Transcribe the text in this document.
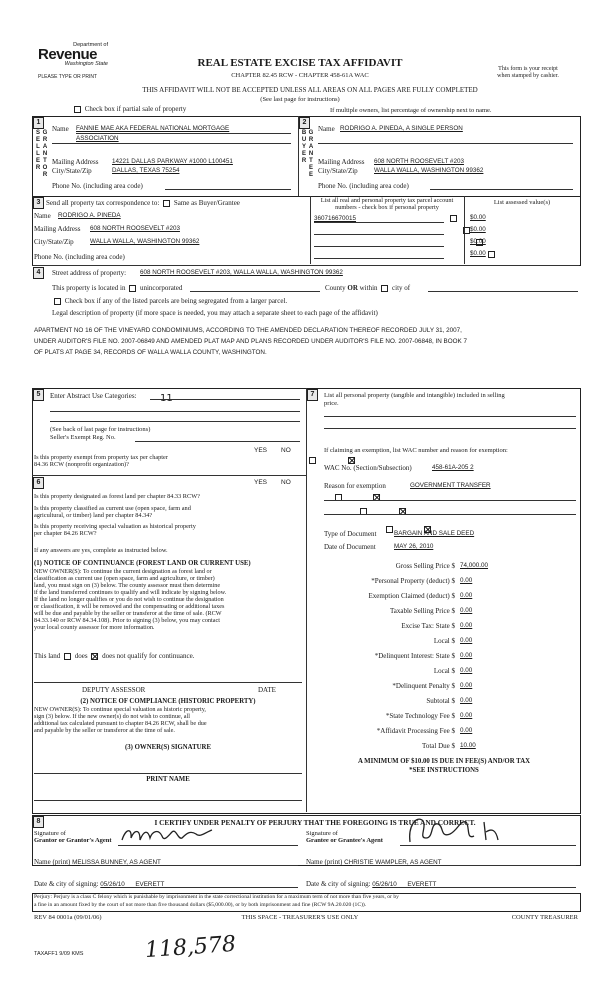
Department of
Revenue
Washington State
PLEASE TYPE OR PRINT
REAL ESTATE EXCISE TAX AFFIDAVIT
CHAPTER 82.45 RCW - CHAPTER 458-61A WAC
This form is your receipt
when stamped by cashier.
THIS AFFIDAVIT WILL NOT BE ACCEPTED UNLESS ALL AREAS ON ALL PAGES ARE FULLY COMPLETED
(See last page for instructions)
Check box if partial sale of property	If multiple owners, list percentage of ownership next to name.
1
S
E
L
L
E
R
G
R
A
N
T
O
R
Name FANNIE MAE AKA FEDERAL NATIONAL MORTGAGE
ASSOCIATION
Mailing Address 14221 DALLAS PARKWAY #1000 L100451
City/State/Zip	DALLAS, TEXAS 75254
Phone No. (including area code)
2
B
U
Y
E
R
G
R
A
N
T
E
E
Name RODRIGO A. PINEDA, A SINGLE PERSON
Mailing Address 608 NORTH ROOSEVELT #203
City/State/Zip	WALLA WALLA, WASHINGTON 99362
Phone No. (including area code)
3 Send all property tax correspondence to: Same as Buyer/Grantee
Name RODRIGO A. PINEDA
Mailing Address 608 NORTH ROOSEVELT #203
City/State/Zip	WALLA WALLA, WASHINGTON 99362
Phone No. (including area code)
List all real and personal property tax parcel account
numbers - check box if personal property
List assessed value(s)
360716670015
	$0.00
$0.00
$0.00
$0.00
4	Street address of property: 608 NORTH ROOSEVELT #203, WALLA WALLA, WASHINGTON 99362
This property is located in unincorporated	County OR within city of
Check box if any of the listed parcels are being segregated from a larger parcel.
Legal description of property (if more space is needed, you may attach a separate sheet to each page of the affidavit)
APARTMENT NO 16 OF THE VINEYARD CONDOMINIUMS, ACCORDING TO THE AMENDED DECLARATION THEREOF RECORDED JULY 31, 2007,
UNDER AUDITOR'S FILE NO. 2007-06849 AND AMENDED PLAT MAP AND PLANS RECORDED UNDER AUDITOR'S FILE NO. 2007-06848, IN BOOK 7
OF PLATS AT PAGE 34, RECORDS OF WALLA WALLA COUNTY, WASHINGTON.
5	Enter Abstract Use Categories: 11
(See back of last page for instructions)
Seller's Exempt Reg. No.
YES NO
Is this property exempt from property tax per chapter
84.36 RCW (nonprofit organization)?

6	YES NO
Is this property designated as forest land per chapter 84.33 RCW?

Is this property classified as current use (open space, farm and
agricultural, or timber) land per chapter 84.34?

Is this property receiving special valuation as historical property
per chapter 84.26 RCW?

If any answers are yes, complete as instructed below.
(1) NOTICE OF CONTINUANCE (FOREST LAND OR CURRENT USE)
NEW OWNER(S): To continue the current designation as forest land or
classification as current use (open space, farm and agriculture, or timber)
land, you must sign on (3) below. The county assessor must then determine
if the land transferred continues to qualify and will indicate by signing below.
If the land no longer qualifies or you do not wish to continue the designation
or classification, it will be removed and the compensating or additional taxes
will be due and payable by the seller or transferor at the time of sale. (RCW
84.33.140 or RCW 84.34.108). Prior to signing (3) below, you may contact
your local county assessor for more information.
This land does does not qualify for continuance.
DEPUTY ASSESSOR	DATE
(2) NOTICE OF COMPLIANCE (HISTORIC PROPERTY)
NEW OWNER(S): To continue special valuation as historic property,
sign (3) below. If the new owner(s) do not wish to continue, all
additional tax calculated pursuant to chapter 84.26 RCW, shall be due
and payable by the seller or transferor at the time of sale.
(3) OWNER(S) SIGNATURE
PRINT NAME
7	List all personal property (tangible and intangible) included in selling
price.
If claiming an exemption, list WAC number and reason for exemption:
WAC No. (Section/Subsection)	458-61A-205 2
Reason for exemption	GOVERNMENT TRANSFER
Type of Document	BARGAIN AND SALE DEED
Date of Document	MAY 26, 2010
Gross Selling Price $ 74,000.00
*Personal Property (deduct) $ 0.00
Exemption Claimed (deduct) $ 0.00
Taxable Selling Price $ 0.00
Excise Tax: State $ 0.00
Local $ 0.00
*Delinquent Interest: State $ 0.00
Local $ 0.00
*Delinquent Penalty $ 0.00
Subtotal $ 0.00
*State Technology Fee $ 0.00
*Affidavit Processing Fee $ 0.00
Total Due $ 10.00
A MINIMUM OF $10.00 IS DUE IN FEE(S) AND/OR TAX
*SEE INSTRUCTIONS
8	I CERTIFY UNDER PENALTY OF PERJURY THAT THE FOREGOING IS TRUE AND CORRECT.
Signature of
Grantor or Grantor's Agent
Signature of
Grantee or Grantee's Agent
Name (print) MELISSA BUNNEY, AS AGENT	Name (print) CHRISTIE WAMPLER, AS AGENT
Date & city of signing: 05/26/10 EVERETT	Date & city of signing: 05/26/10 EVERETT
Perjury: Perjury is a class C felony which is punishable by imprisonment in the state correctional institution for a maximum term of not more than five years, or by
a fine in an amount fixed by the court of not more than five thousand dollars ($5,000.00), or by both imprisonment and fine (RCW 9A.20.020 (1C)).
REV 84 0001a (09/01/06)	THIS SPACE - TREASURER'S USE ONLY	COUNTY TREASURER
TAXAFF1 9/09 KMS	118,578
